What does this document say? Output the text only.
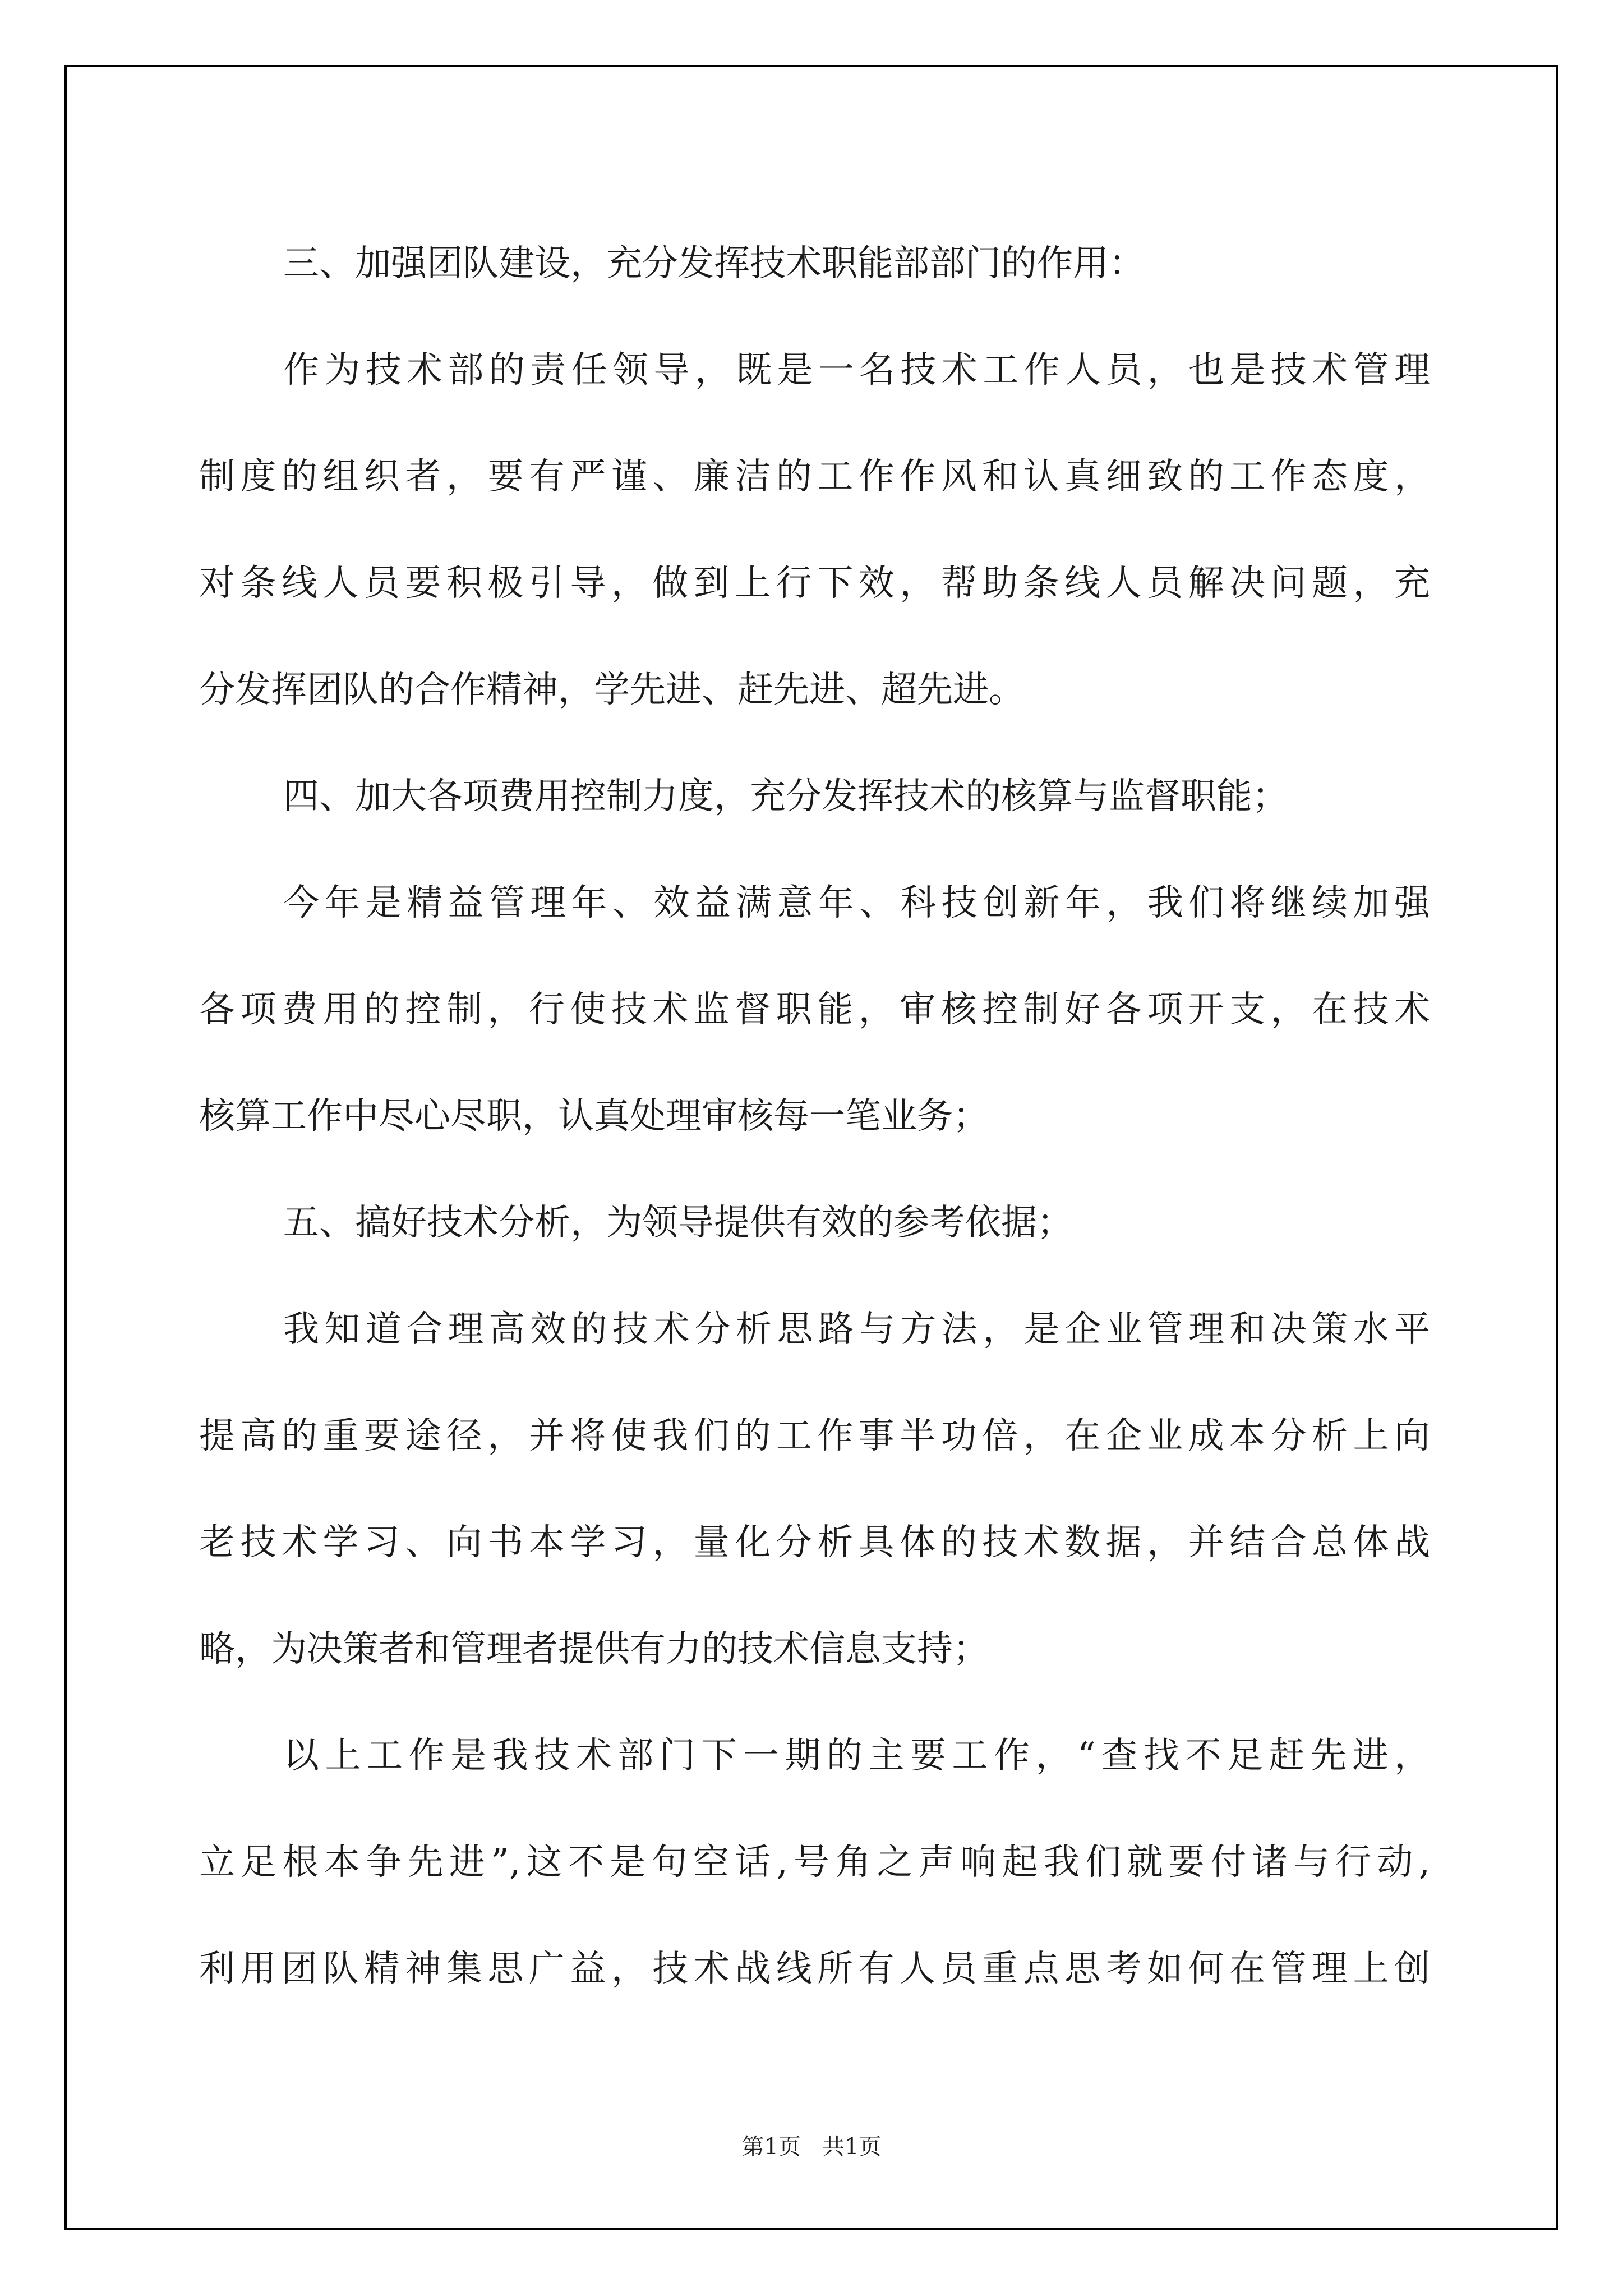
三、加强团队建设，充分发挥技术职能部部门的作用：
作为技术部的责任领导，既是一名技术工作人员，也是技术管理
制度的组织者，要有严谨、廉洁的工作作风和认真细致的工作态度，
对条线人员要积极引导，做到上行下效，帮助条线人员解决问题，充
分发挥团队的合作精神，学先进、赶先进、超先进。
四、加大各项费用控制力度，充分发挥技术的核算与监督职能；
今年是精益管理年、效益满意年、科技创新年，我们将继续加强
各项费用的控制，行使技术监督职能，审核控制好各项开支，在技术
核算工作中尽心尽职，认真处理审核每一笔业务；
五、搞好技术分析，为领导提供有效的参考依据；
我知道合理高效的技术分析思路与方法，是企业管理和决策水平
提高的重要途径，并将使我们的工作事半功倍，在企业成本分析上向
老技术学习、向书本学习，量化分析具体的技术数据，并结合总体战
略，为决策者和管理者提供有力的技术信息支持；
以上工作是我技术部门下一期的主要工作，“查找不足赶先进，
立足根本争先进”,这不是句空话,号角之声响起我们就要付诸与行动,
利用团队精神集思广益，技术战线所有人员重点思考如何在管理上创
第1页   共1页
